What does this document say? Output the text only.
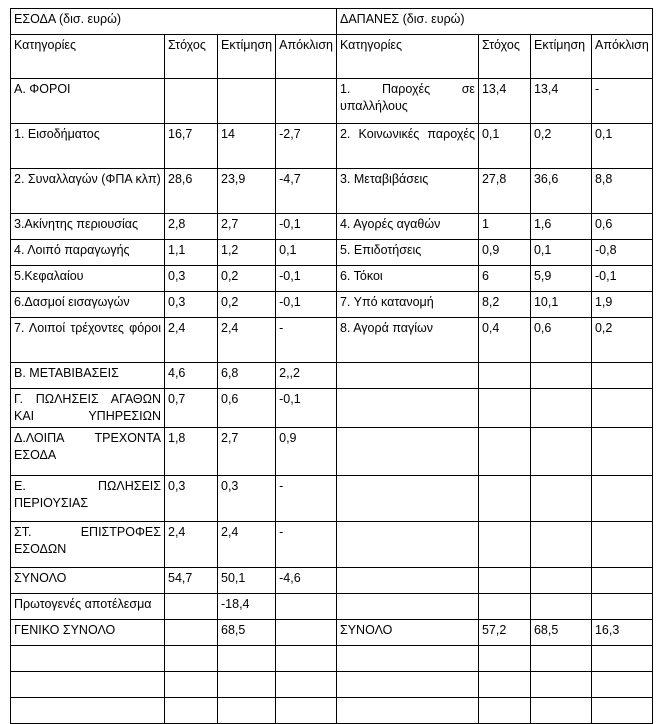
ΕΣΟΔΑ (δισ. ευρώ)				ΔΑΠΑΝΕΣ (δισ. ευρώ)			
Κατηγορίες	Στόχος	Εκτίμηση	Απόκλιση	Κατηγορίες	Στόχος	Εκτίμηση	Απόκλιση
Α. ΦΟΡΟΙ				1. Παροχές σε υπαλλήλους	13,4	13,4	-
1. Εισοδήματος	16,7	14	-2,7	2. Κοινωνικές παροχές	0,1	0,2	0,1
2. Συναλλαγών (ΦΠΑ κλπ)	28,6	23,9	-4,7	3. Μεταβιβάσεις	27,8	36,6	8,8
3.Ακίνητης περιουσίας	2,8	2,7	-0,1	4. Αγορές αγαθών	1	1,6	0,6
4. Λοιπό παραγωγής	1,1	1,2	0,1	5. Επιδοτήσεις	0,9	0,1	-0,8
5.Κεφαλαίου	0,3	0,2	-0,1	6. Τόκοι	6	5,9	-0,1
6.Δασμοί εισαγωγών	0,3	0,2	-0,1	7. Υπό κατανομή	8,2	10,1	1,9
7. Λοιποί τρέχοντες φόροι	2,4	2,4	-	8. Αγορά παγίων	0,4	0,6	0,2
Β. ΜΕΤΑΒΙΒΑΣΕΙΣ	4,6	6,8	2,,2				
Γ. ΠΩΛΗΣΕΙΣ ΑΓΑΘΩΝ ΚΑΙ ΥΠΗΡΕΣΙΩΝ	0,7	0,6	-0,1				
Δ.ΛΟΙΠΑ ΤΡΕΧΟΝΤΑ ΕΣΟΔΑ	1,8	2,7	0,9				
Ε. ΠΩΛΗΣΕΙΣ ΠΕΡΙΟΥΣΙΑΣ	0,3	0,3	-				
ΣΤ. ΕΠΙΣΤΡΟΦΕΣ ΕΣΟΔΩΝ	2,4	2,4	-				
ΣΥΝΟΛΟ	54,7	50,1	-4,6				
Πρωτογενές αποτέλεσμα		-18,4					
ΓΕΝΙΚΟ ΣΥΝΟΛΟ		68,5		ΣΥΝΟΛΟ	57,2	68,5	16,3
